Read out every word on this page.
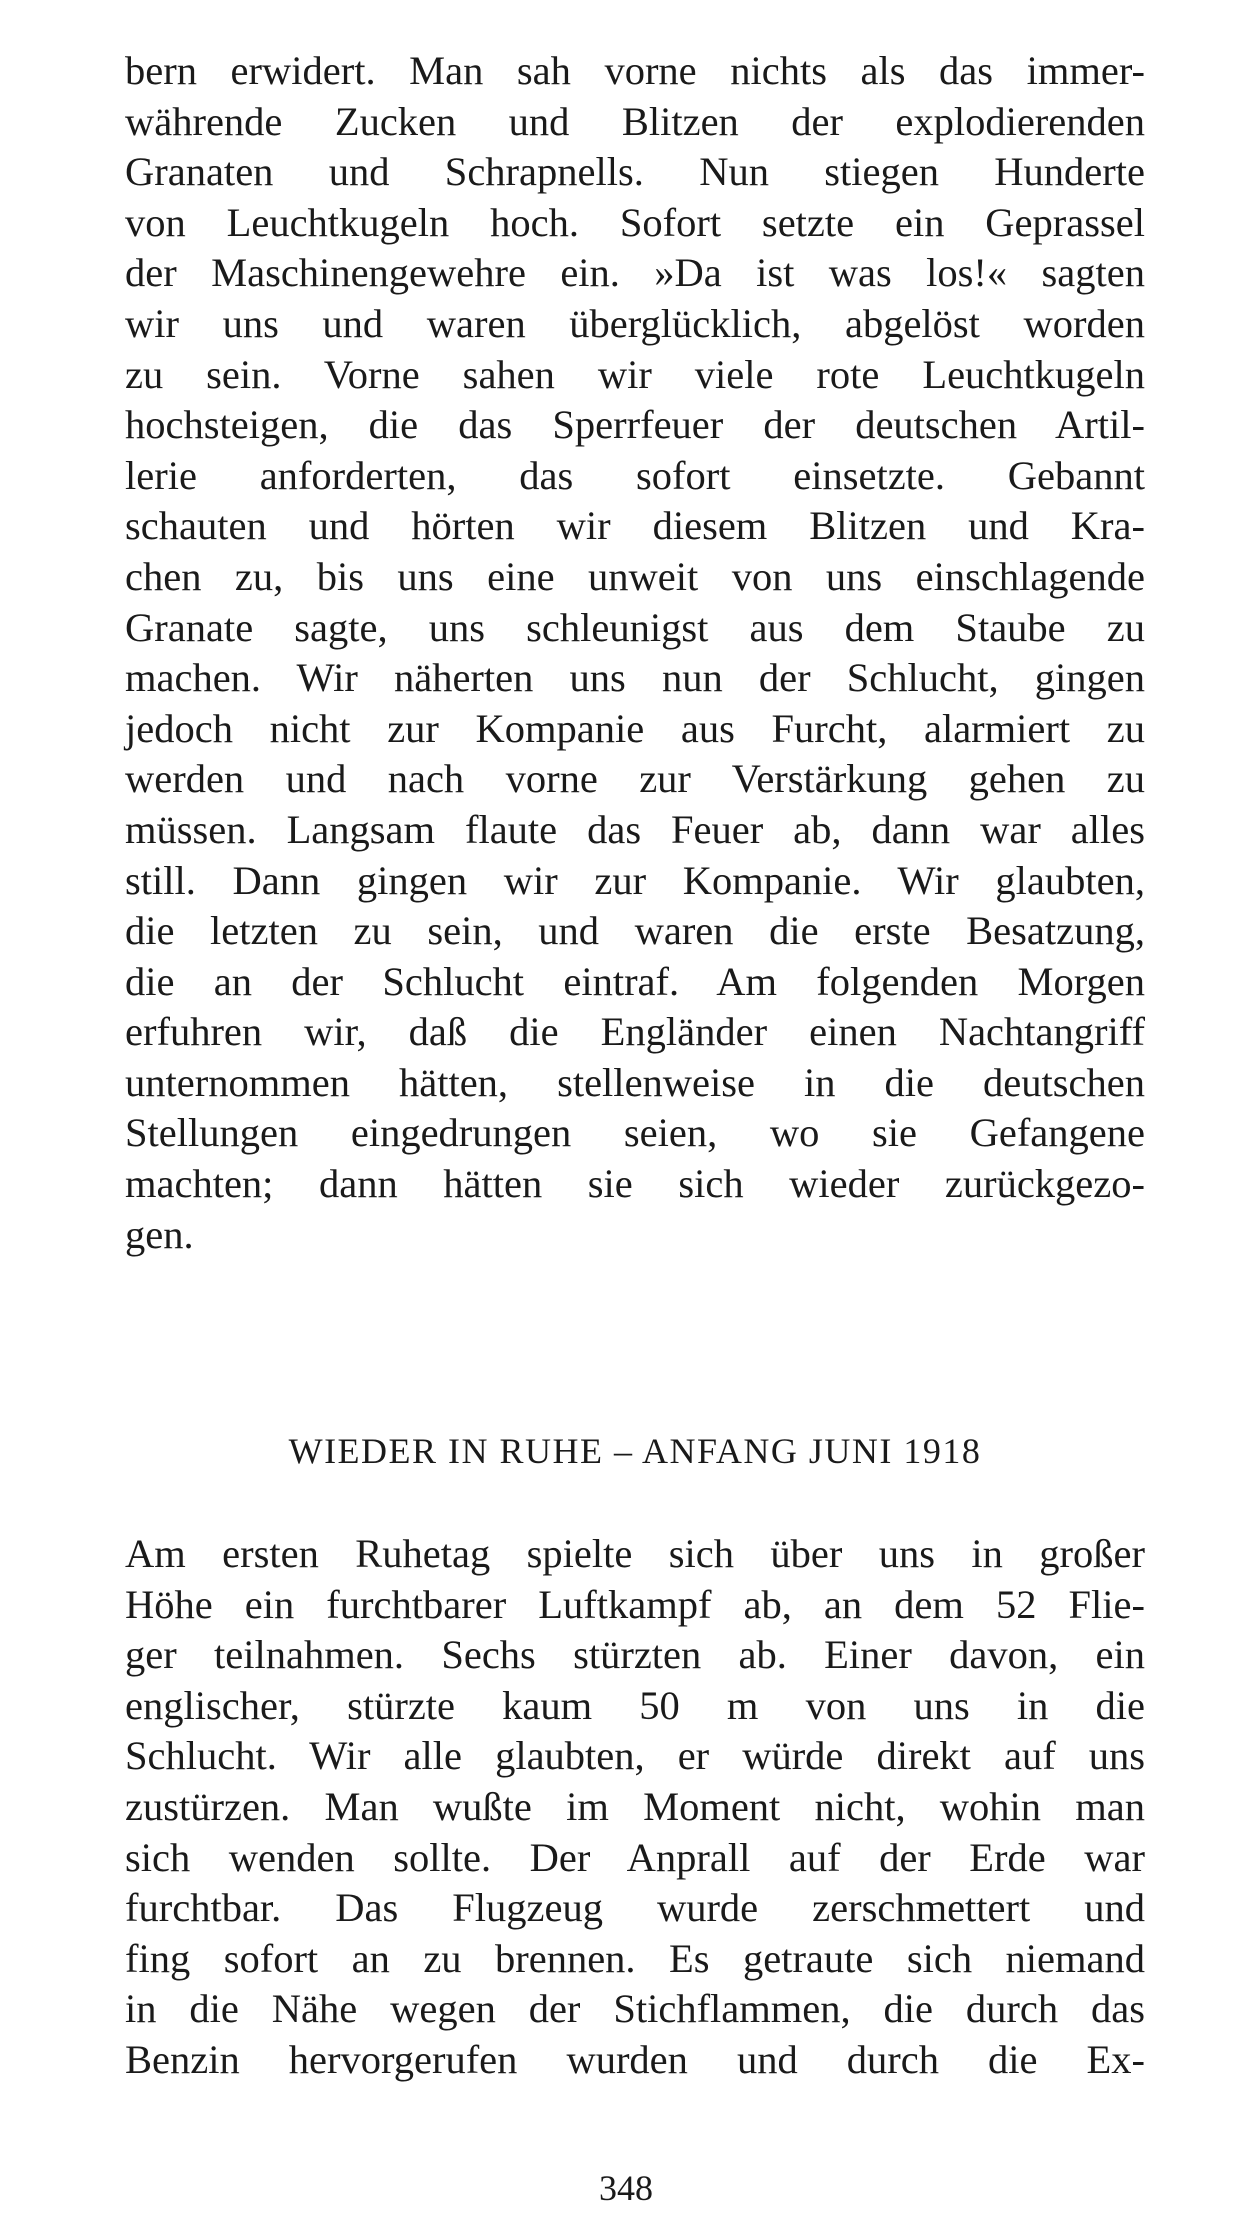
bern erwidert. Man sah vorne nichts als das immer-
währende Zucken und Blitzen der explodierenden
Granaten und Schrapnells. Nun stiegen Hunderte
von Leuchtkugeln hoch. Sofort setzte ein Geprassel
der Maschinengewehre ein. »Da ist was los!« sagten
wir uns und waren überglücklich, abgelöst worden
zu sein. Vorne sahen wir viele rote Leuchtkugeln
hochsteigen, die das Sperrfeuer der deutschen Artil-
lerie anforderten, das sofort einsetzte. Gebannt
schauten und hörten wir diesem Blitzen und Kra-
chen zu, bis uns eine unweit von uns einschlagende
Granate sagte, uns schleunigst aus dem Staube zu
machen. Wir näherten uns nun der Schlucht, gingen
jedoch nicht zur Kompanie aus Furcht, alarmiert zu
werden und nach vorne zur Verstärkung gehen zu
müssen. Langsam flaute das Feuer ab, dann war alles
still. Dann gingen wir zur Kompanie. Wir glaubten,
die letzten zu sein, und waren die erste Besatzung,
die an der Schlucht eintraf. Am folgenden Morgen
erfuhren wir, daß die Engländer einen Nachtangriff
unternommen hätten, stellenweise in die deutschen
Stellungen eingedrungen seien, wo sie Gefangene
machten; dann hätten sie sich wieder zurückgezo-
gen.
WIEDER IN RUHE – ANFANG JUNI 1918
Am ersten Ruhetag spielte sich über uns in großer
Höhe ein furchtbarer Luftkampf ab, an dem 52 Flie-
ger teilnahmen. Sechs stürzten ab. Einer davon, ein
englischer, stürzte kaum 50 m von uns in die
Schlucht. Wir alle glaubten, er würde direkt auf uns
zustürzen. Man wußte im Moment nicht, wohin man
sich wenden sollte. Der Anprall auf der Erde war
furchtbar. Das Flugzeug wurde zerschmettert und
fing sofort an zu brennen. Es getraute sich niemand
in die Nähe wegen der Stichflammen, die durch das
Benzin hervorgerufen wurden und durch die Ex-
348
